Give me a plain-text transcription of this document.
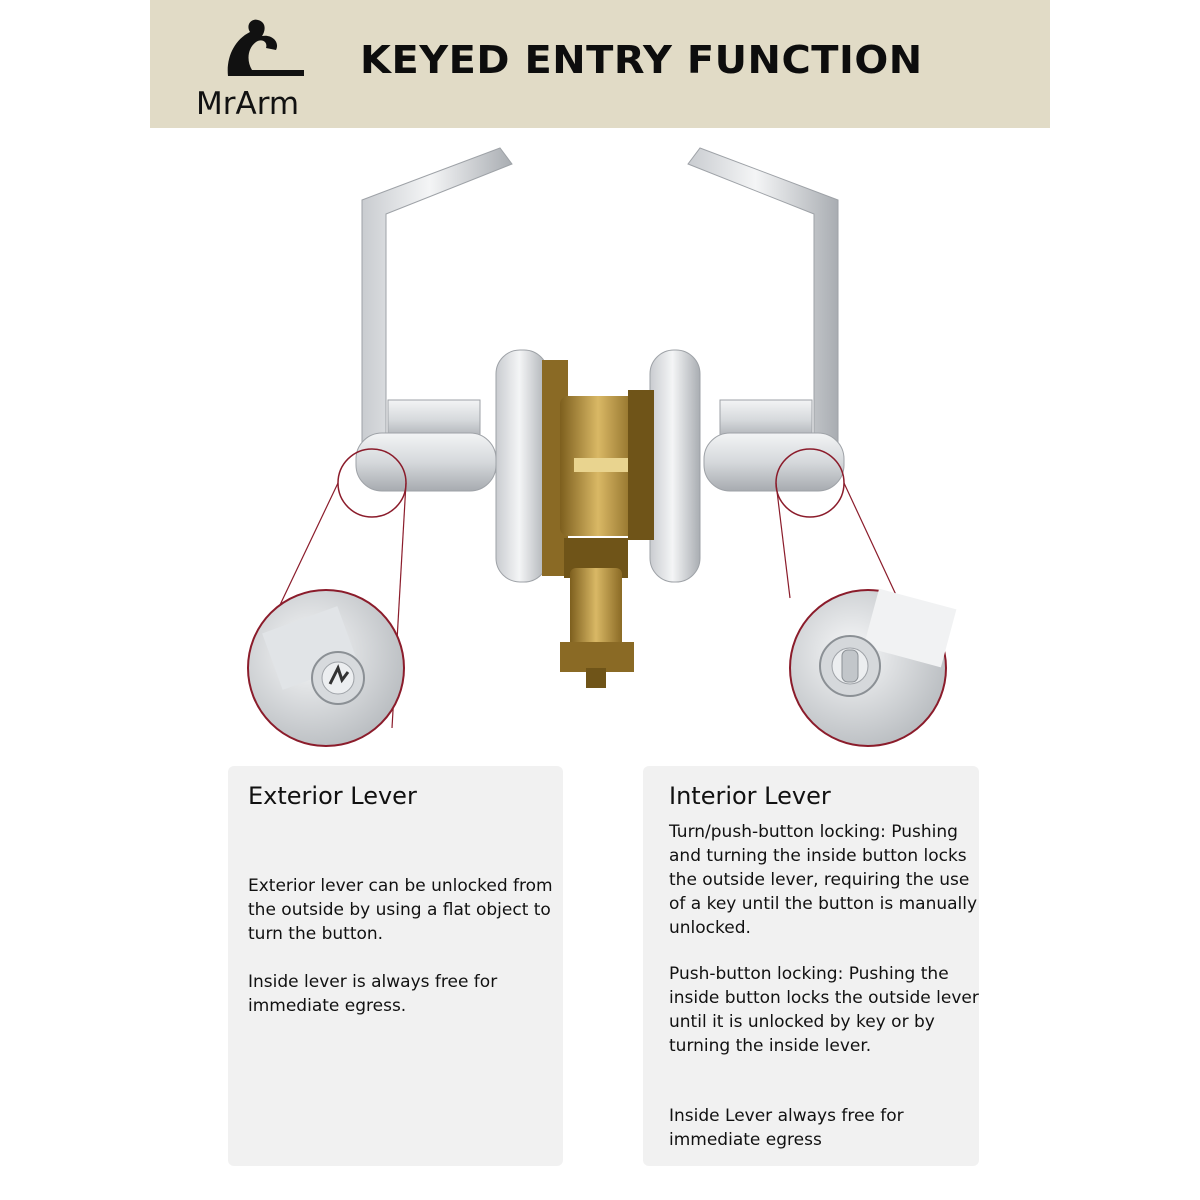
MrArm
KEYED ENTRY FUNCTION
Exterior Lever

Exterior lever can be unlocked from the outside by using a flat object to turn the button.

Inside lever is always free for immediate egress.

Interior Lever

Turn/push-button locking: Pushing and turning the inside button locks the outside lever, requiring the use of a key until the button is manually unlocked.

Push-button locking: Pushing the inside button locks the outside lever until it is unlocked by key or by turning the inside lever.

Inside Lever always free for immediate egress
